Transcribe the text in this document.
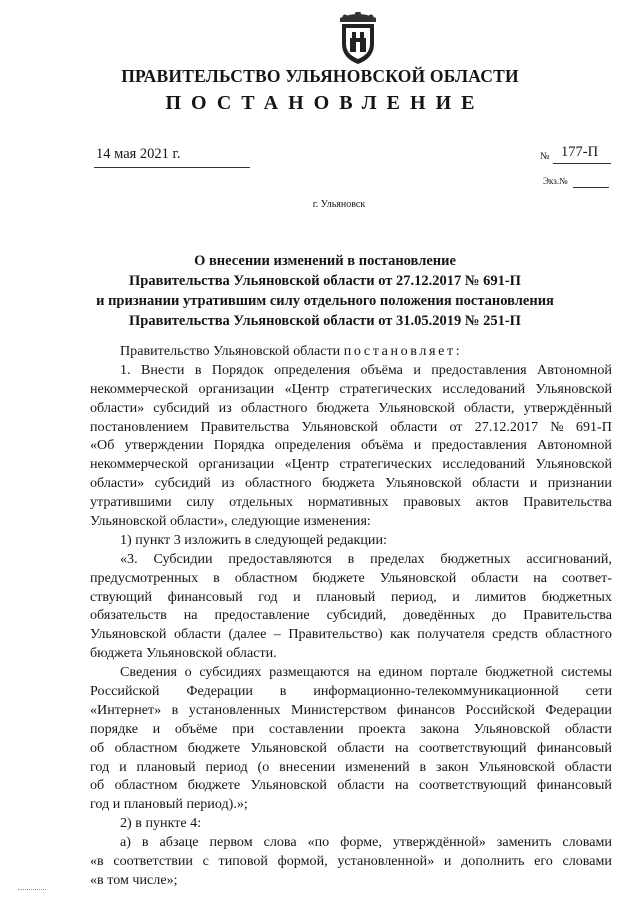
ПРАВИТЕЛЬСТВО УЛЬЯНОВСКОЙ ОБЛАСТИ
ПОСТАНОВЛЕНИЕ
14 мая 2021 г.	№ 177-П
Экз.№
г. Ульяновск
О внесении изменений в постановление
Правительства Ульяновской области от 27.12.2017 № 691-П
и признании утратившим силу отдельного положения постановления
Правительства Ульяновской области от 31.05.2019 № 251-П
Правительство Ульяновской области постановляет:
1. Внести в Порядок определения объёма и предоставления Автономной
некоммерческой организации «Центр стратегических исследований Ульяновской
области» субсидий из областного бюджета Ульяновской области, утверждённый
постановлением Правительства Ульяновской области от 27.12.2017 № 691-П
«Об утверждении Порядка определения объёма и предоставления Автономной
некоммерческой организации «Центр стратегических исследований Ульяновской
области» субсидий из областного бюджета Ульяновской области и признании
утратившими силу отдельных нормативных правовых актов Правительства
Ульяновской области», следующие изменения:
1) пункт 3 изложить в следующей редакции:
«3. Субсидии предоставляются в пределах бюджетных ассигнований,
предусмотренных в областном бюджете Ульяновской области на соответ-
ствующий финансовый год и плановый период, и лимитов бюджетных
обязательств на предоставление субсидий, доведённых до Правительства
Ульяновской области (далее – Правительство) как получателя средств областного
бюджета Ульяновской области.
Сведения о субсидиях размещаются на едином портале бюджетной системы
Российской Федерации в информационно-телекоммуникационной сети
«Интернет» в установленных Министерством финансов Российской Федерации
порядке и объёме при составлении проекта закона Ульяновской области
об областном бюджете Ульяновской области на соответствующий финансовый
год и плановый период (о внесении изменений в закон Ульяновской области
об областном бюджете Ульяновской области на соответствующий финансовый
год и плановый период).»;
2) в пункте 4:
а) в абзаце первом слова «по форме, утверждённой» заменить словами
«в соответствии с типовой формой, установленной» и дополнить его словами
«в том числе»;
